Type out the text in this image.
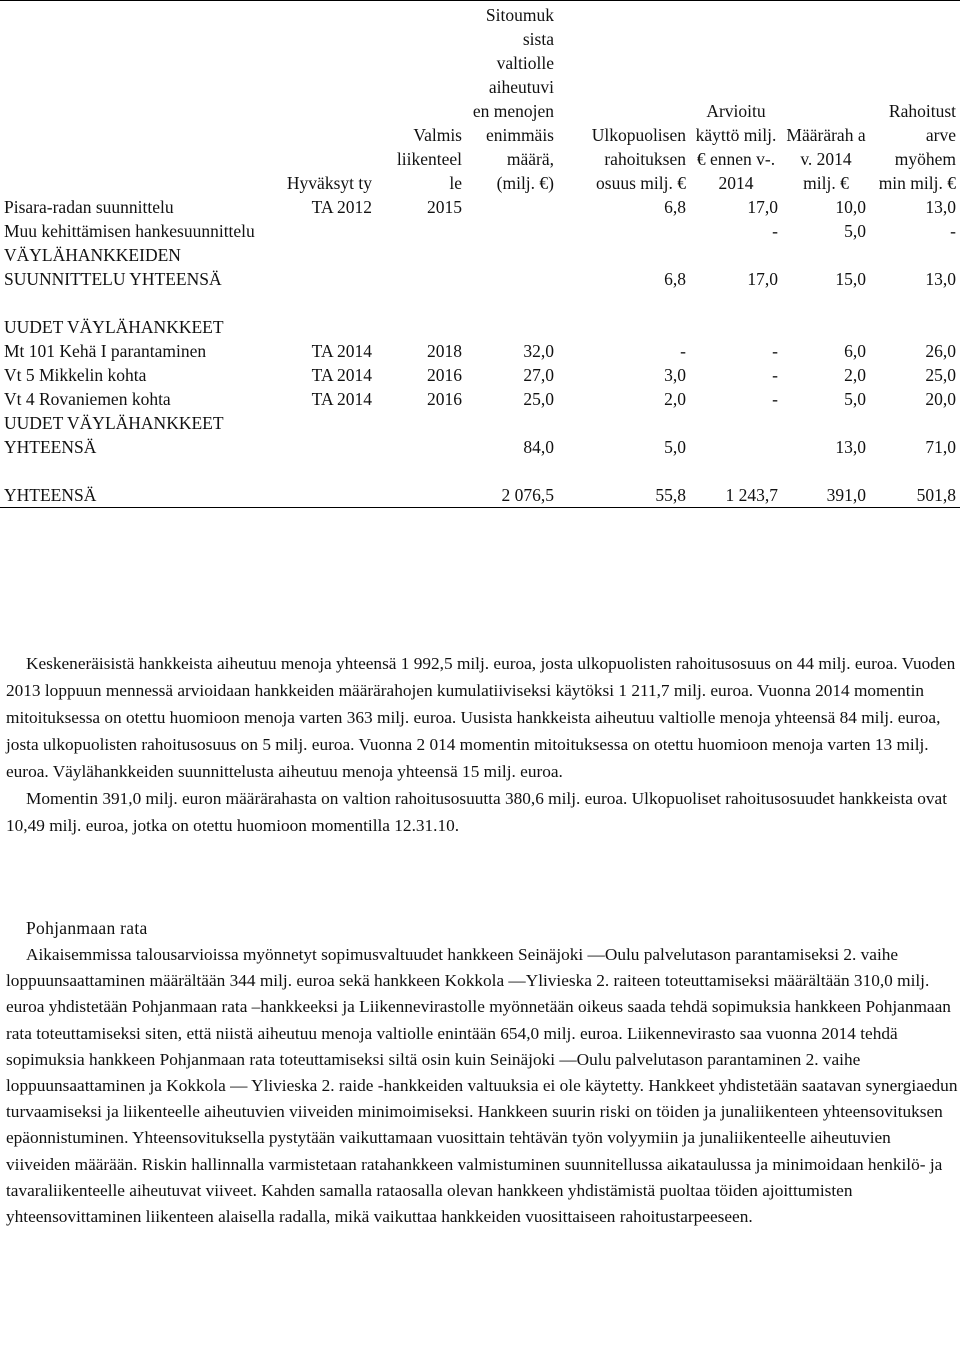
	Hyväksyt ty	Valmis liikenteel le	Sitoumuk sista valtiolle aiheutuvi en menojen enimmäis määrä, (milj. €)	Ulkopuolisen rahoituksen osuus milj. €	Arvioitu käyttö milj. € ennen v-. 2014	Määrärah a v. 2014 milj. €	Rahoitust arve myöhem min milj. €
Pisara-radan suunnittelu	TA 2012	2015		6,8	17,0	10,0	13,0
Muu kehittämisen hankesuunnittelu					-	5,0	-
VÄYLÄHANKKEIDEN SUUNNITTELU YHTEENSÄ				6,8	17,0	15,0	13,0

UUDET VÄYLÄHANKKEET							
Mt 101 Kehä I parantaminen	TA 2014	2018	32,0	-	-	6,0	26,0
Vt 5 Mikkelin kohta	TA 2014	2016	27,0	3,0	-	2,0	25,0
Vt 4 Rovaniemen kohta	TA 2014	2016	25,0	2,0	-	5,0	20,0
UUDET VÄYLÄHANKKEET YHTEENSÄ			84,0	5,0		13,0	71,0

YHTEENSÄ			2 076,5	55,8	1 243,7	391,0	501,8

Keskeneräisistä hankkeista aiheutuu menoja yhteensä 1 992,5 milj. euroa, josta ulkopuolisten rahoitusosuus on 44 milj. euroa. Vuoden 2013 loppuun mennessä arvioidaan hankkeiden määrärahojen kumulatiiviseksi käytöksi 1 211,7 milj. euroa. Vuonna 2014 momentin mitoituksessa on otettu huomioon menoja varten 363 milj. euroa. Uusista hankkeista aiheutuu valtiolle menoja yhteensä 84 milj. euroa, josta ulkopuolisten rahoitusosuus on 5 milj. euroa. Vuonna 2 014 momentin mitoituksessa on otettu huomioon menoja varten 13 milj. euroa. Väylähankkeiden suunnittelusta aiheutuu menoja yhteensä 15 milj. euroa.

Momentin 391,0 milj. euron määrärahasta on valtion rahoitusosuutta 380,6 milj. euroa. Ulkopuoliset rahoitusosuudet hankkeista ovat 10,49 milj. euroa, jotka on otettu huomioon momentilla 12.31.10.

Pohjanmaan rata

Aikaisemmissa talousarvioissa myönnetyt sopimusvaltuudet hankkeen Seinäjoki —Oulu palvelutason parantamiseksi 2. vaihe loppuunsaattaminen määrältään 344 milj. euroa sekä hankkeen Kokkola —Ylivieska 2. raiteen toteuttamiseksi määrältään 310,0 milj. euroa yhdistetään Pohjanmaan rata –hankkeeksi ja Liikennevirastolle myönnetään oikeus saada tehdä sopimuksia hankkeen Pohjanmaan rata toteuttamiseksi siten, että niistä aiheutuu menoja valtiolle enintään 654,0 milj. euroa. Liikennevirasto saa vuonna 2014 tehdä sopimuksia hankkeen Pohjanmaan rata toteuttamiseksi siltä osin kuin Seinäjoki —Oulu palvelutason parantaminen 2. vaihe loppuunsaattaminen ja Kokkola — Ylivieska 2. raide -hankkeiden valtuuksia ei ole käytetty. Hankkeet yhdistetään saatavan synergiaedun turvaamiseksi ja liikenteelle aiheutuvien viiveiden minimoimiseksi. Hankkeen suurin riski on töiden ja junaliikenteen yhteensovituksen epäonnistuminen. Yhteensovituksella pystytään vaikuttamaan vuosittain tehtävän työn volyymiin ja junaliikenteelle aiheutuvien viiveiden määrään. Riskin hallinnalla varmistetaan ratahankkeen valmistuminen suunnitellussa aikataulussa ja minimoidaan henkilö- ja tavaraliikenteelle aiheutuvat viiveet. Kahden samalla rataosalla olevan hankkeen yhdistämistä puoltaa töiden ajoittumisten yhteensovittaminen liikenteen alaisella radalla, mikä vaikuttaa hankkeiden vuosittaiseen rahoitustarpeeseen.
